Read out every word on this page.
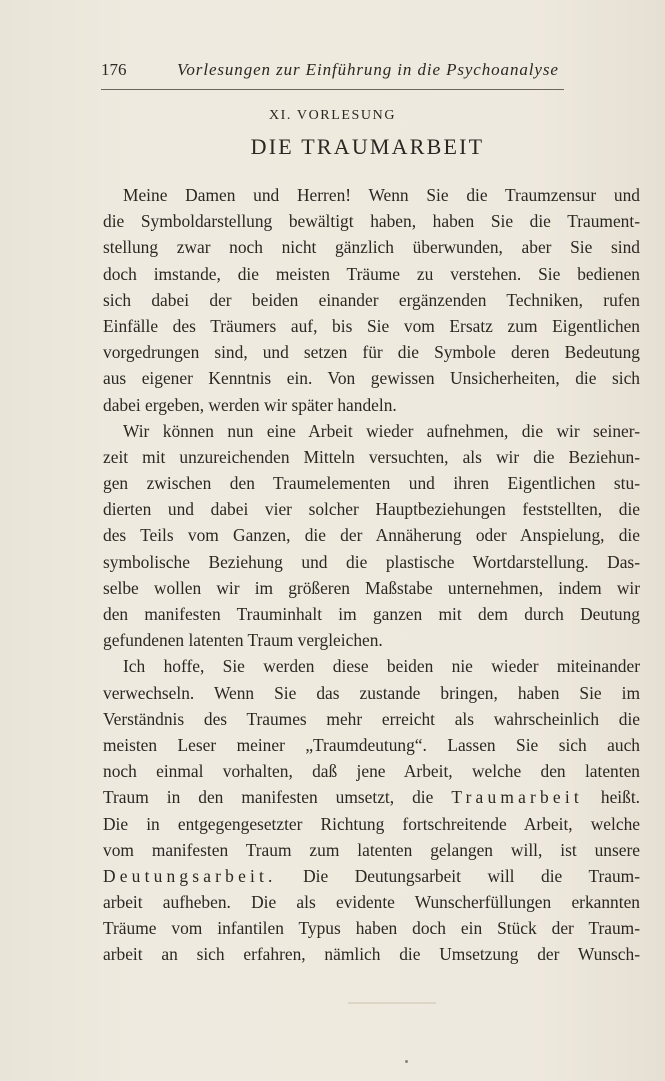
176	Vorlesungen zur Einführung in die Psychoanalyse
XI. VORLESUNG
DIE TRAUMARBEIT
Meine Damen und Herren! Wenn Sie die Traumzensur und
die Symboldarstellung bewältigt haben, haben Sie die Traument-
stellung zwar noch nicht gänzlich überwunden, aber Sie sind
doch imstande, die meisten Träume zu verstehen. Sie bedienen
sich dabei der beiden einander ergänzenden Techniken, rufen
Einfälle des Träumers auf, bis Sie vom Ersatz zum Eigentlichen
vorgedrungen sind, und setzen für die Symbole deren Bedeutung
aus eigener Kenntnis ein. Von gewissen Unsicherheiten, die sich
dabei ergeben, werden wir später handeln.
Wir können nun eine Arbeit wieder aufnehmen, die wir seiner-
zeit mit unzureichenden Mitteln versuchten, als wir die Beziehun-
gen zwischen den Traumelementen und ihren Eigentlichen stu-
dierten und dabei vier solcher Hauptbeziehungen feststellten, die
des Teils vom Ganzen, die der Annäherung oder Anspielung, die
symbolische Beziehung und die plastische Wortdarstellung. Das-
selbe wollen wir im größeren Maßstabe unternehmen, indem wir
den manifesten Trauminhalt im ganzen mit dem durch Deutung
gefundenen latenten Traum vergleichen.
Ich hoffe, Sie werden diese beiden nie wieder miteinander
verwechseln. Wenn Sie das zustande bringen, haben Sie im
Verständnis des Traumes mehr erreicht als wahrscheinlich die
meisten Leser meiner „Traumdeutung“. Lassen Sie sich auch
noch einmal vorhalten, daß jene Arbeit, welche den latenten
Traum in den manifesten umsetzt, die Traumarbeit heißt.
Die in entgegengesetzter Richtung fortschreitende Arbeit, welche
vom manifesten Traum zum latenten gelangen will, ist unsere
Deutungsarbeit. Die Deutungsarbeit will die Traum-
arbeit aufheben. Die als evidente Wunscherfüllungen erkannten
Träume vom infantilen Typus haben doch ein Stück der Traum-
arbeit an sich erfahren, nämlich die Umsetzung der Wunsch-
